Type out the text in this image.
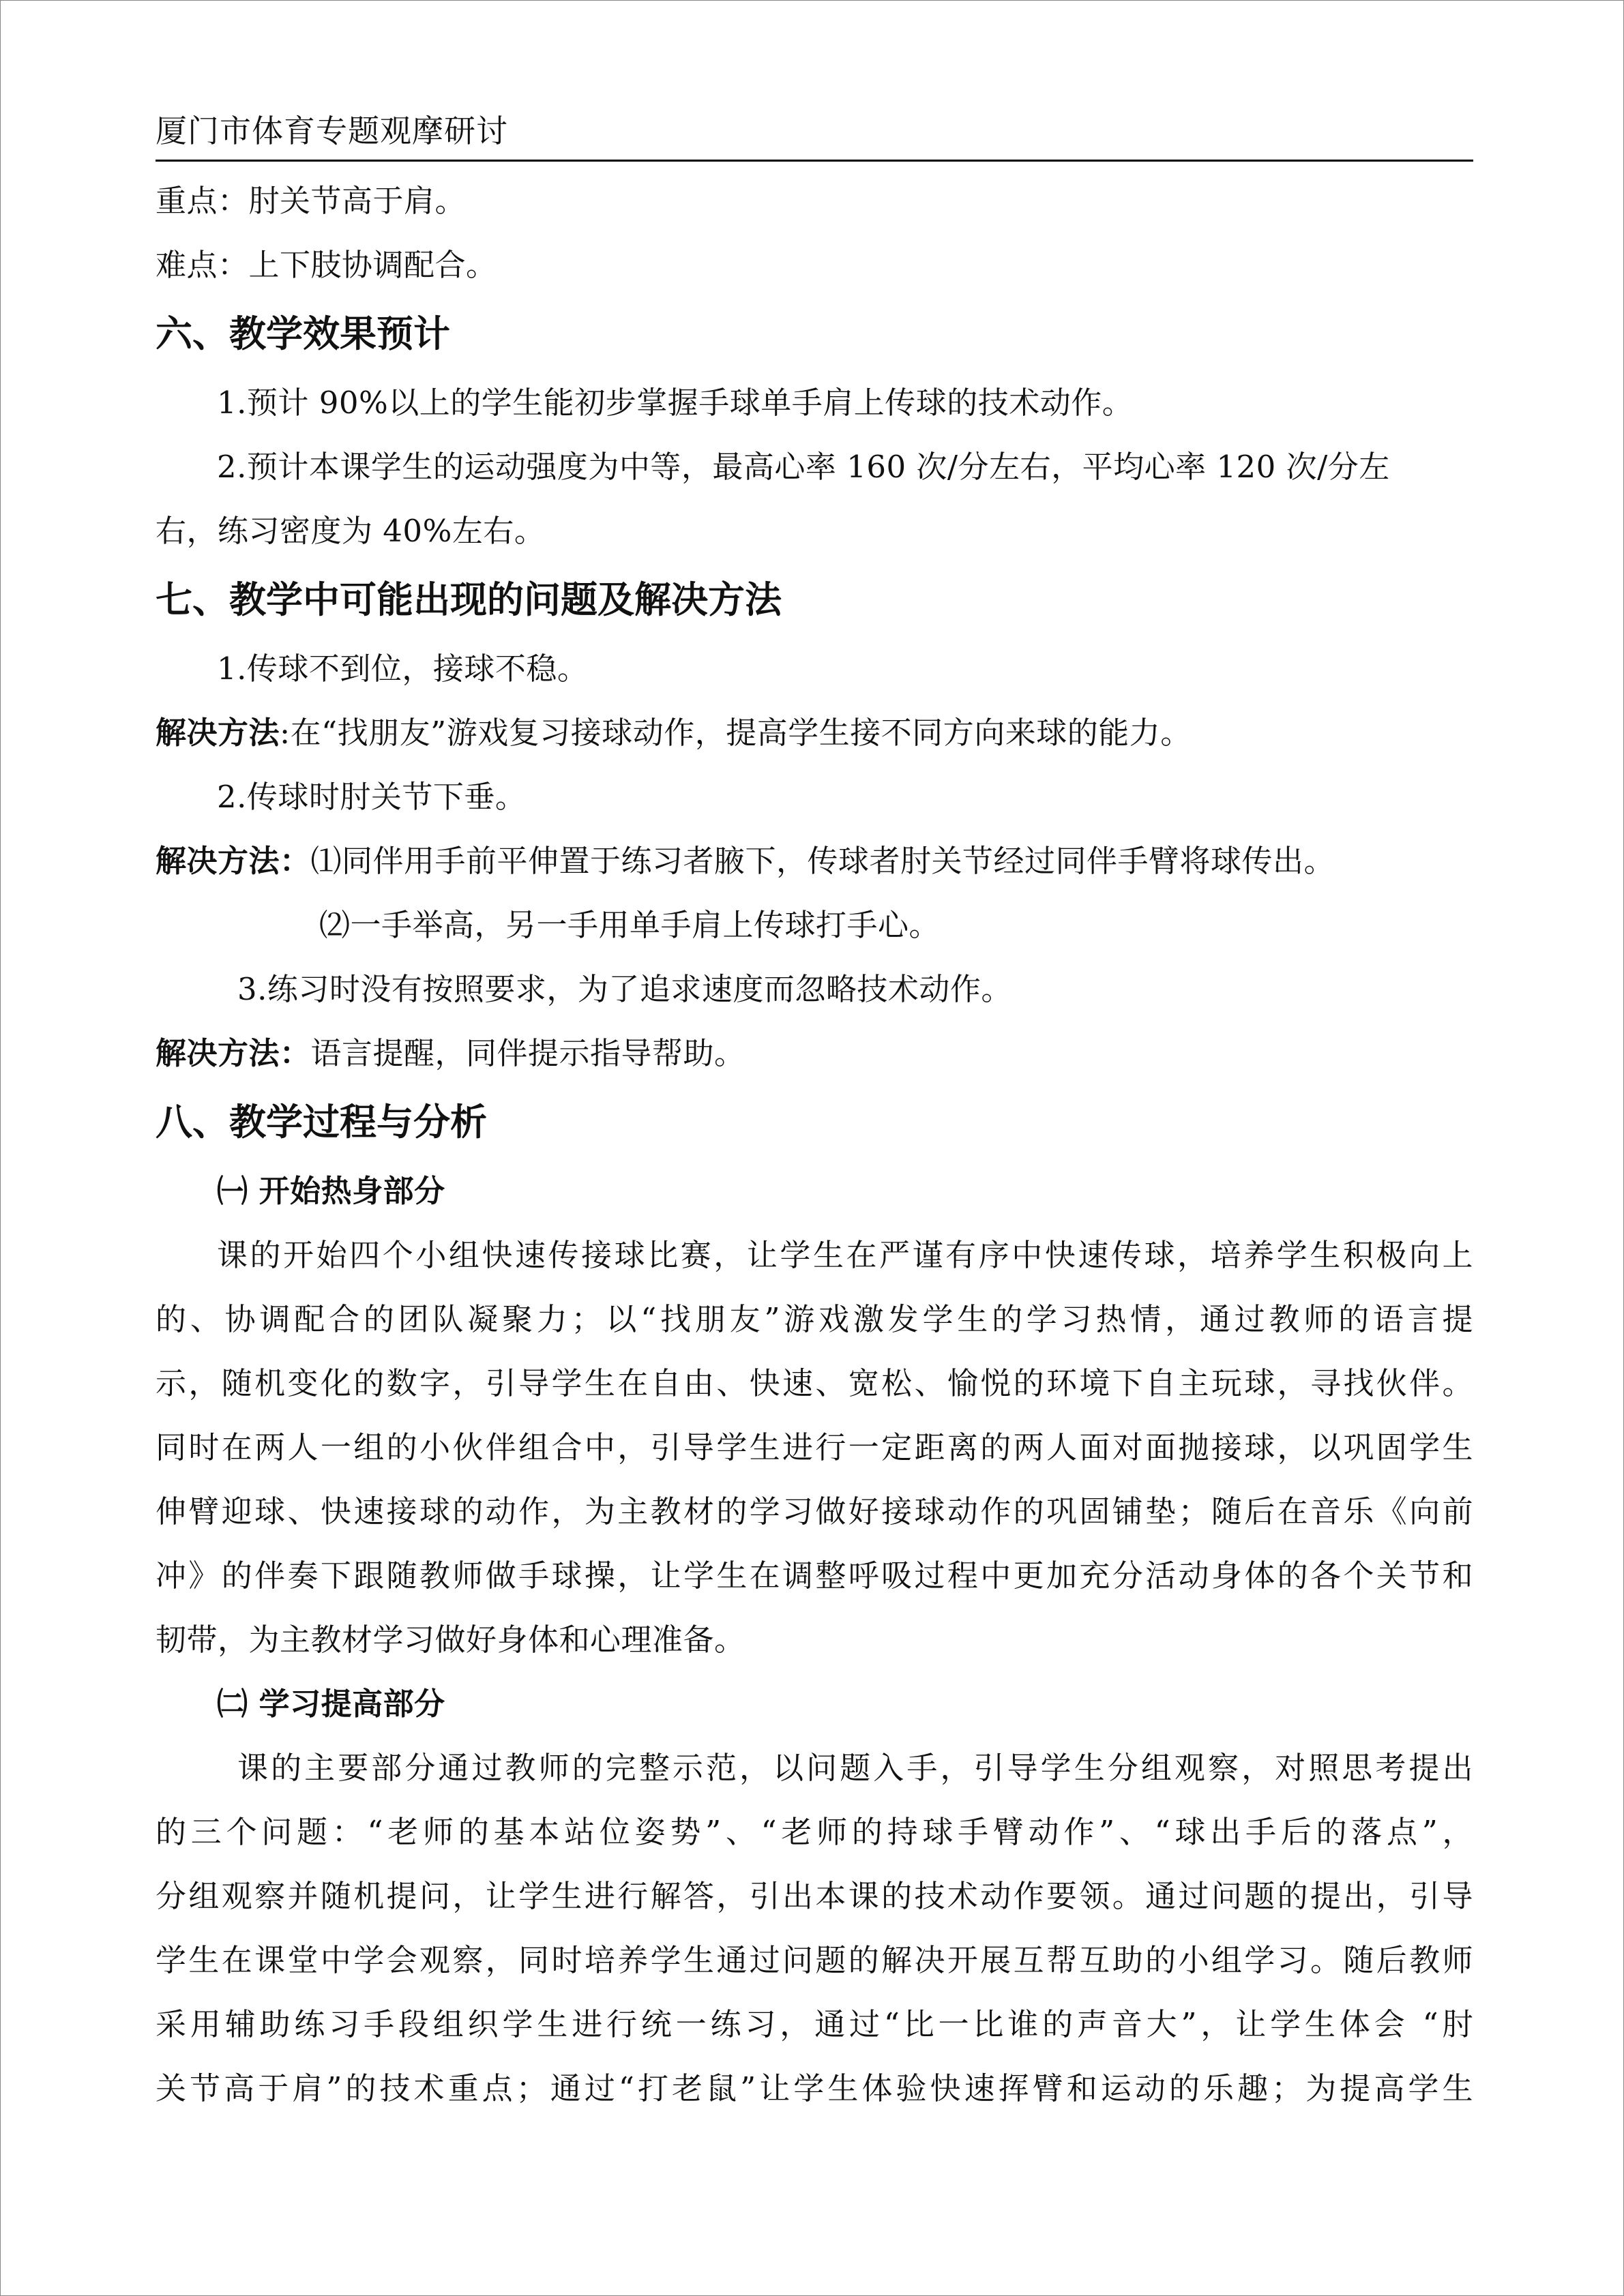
厦门市体育专题观摩研讨
重点：肘关节高于肩。
难点：上下肢协调配合。
六、教学效果预计
1.预计 90%以上的学生能初步掌握手球单手肩上传球的技术动作。
2.预计本课学生的运动强度为中等，最高心率 160 次/分左右，平均心率 120 次/分左
右，练习密度为 40%左右。
七、教学中可能出现的问题及解决方法
1.传球不到位，接球不稳。
解决方法:在“找朋友”游戏复习接球动作，提高学生接不同方向来球的能力。
2.传球时肘关节下垂。
解决方法：⑴同伴用手前平伸置于练习者腋下，传球者肘关节经过同伴手臂将球传出。
⑵一手举高，另一手用单手肩上传球打手心。
3.练习时没有按照要求，为了追求速度而忽略技术动作。
解决方法：语言提醒，同伴提示指导帮助。
八、教学过程与分析
㈠ 开始热身部分
课的开始四个小组快速传接球比赛，让学生在严谨有序中快速传球，培养学生积极向上
的、协调配合的团队凝聚力；以“找朋友”游戏激发学生的学习热情，通过教师的语言提
示，随机变化的数字，引导学生在自由、快速、宽松、愉悦的环境下自主玩球，寻找伙伴。
同时在两人一组的小伙伴组合中，引导学生进行一定距离的两人面对面抛接球，以巩固学生
伸臂迎球、快速接球的动作，为主教材的学习做好接球动作的巩固铺垫；随后在音乐《向前
冲》的伴奏下跟随教师做手球操，让学生在调整呼吸过程中更加充分活动身体的各个关节和
韧带，为主教材学习做好身体和心理准备。
㈡ 学习提高部分
课的主要部分通过教师的完整示范，以问题入手，引导学生分组观察，对照思考提出
的三个问题：“老师的基本站位姿势”、“老师的持球手臂动作”、“球出手后的落点”，
分组观察并随机提问，让学生进行解答，引出本课的技术动作要领。通过问题的提出，引导
学生在课堂中学会观察，同时培养学生通过问题的解决开展互帮互助的小组学习。随后教师
采用辅助练习手段组织学生进行统一练习，通过“比一比谁的声音大”，让学生体会 “肘
关节高于肩”的技术重点；通过“打老鼠”让学生体验快速挥臂和运动的乐趣；为提高学生
